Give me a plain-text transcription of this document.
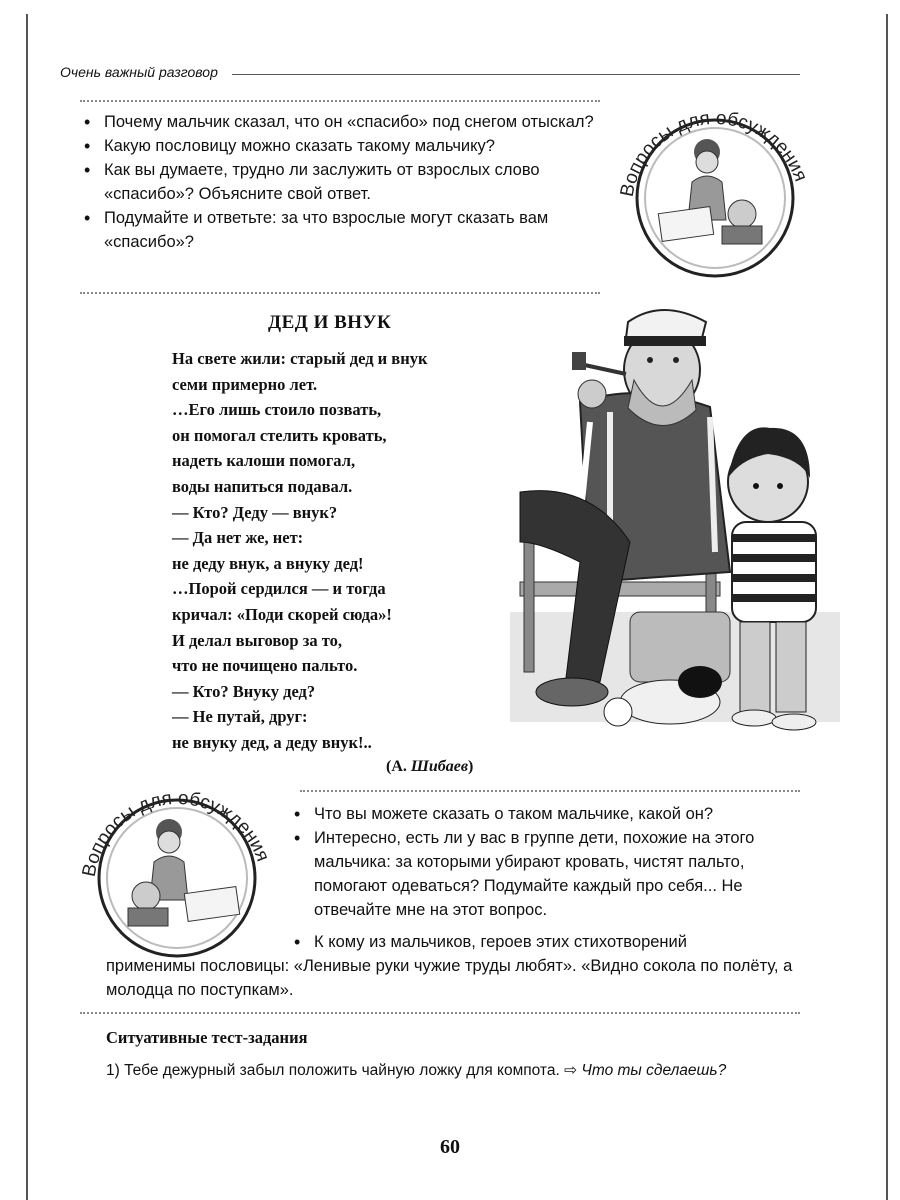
Очень важный разговор
• Почему мальчик сказал, что он «спасибо» под снегом отыскал?
• Какую пословицу можно сказать такому мальчику?
• Как вы думаете, трудно ли заслужить от взрослых слово «спасибо»? Объясните свой ответ.
• Подумайте и ответьте: за что взрослые могут сказать вам «спасибо»?
Вопросы для обсуждения
ДЕД И ВНУК
На свете жили: старый дед и внук
семи примерно лет.
…Его лишь стоило позвать,
он помогал стелить кровать,
надеть калоши помогал,
воды напиться подавал.
— Кто? Деду — внук?
— Да нет же, нет:
не деду внук, а внуку дед!
…Порой сердился — и тогда
кричал: «Поди скорей сюда»!
И делал выговор за то,
что не почищено пальто.
— Кто? Внуку дед?
— Не путай, друг:
не внуку дед, а деду внук!..
(А. Шибаев)
Вопросы для обсуждения
• Что вы можете сказать о таком мальчике, какой он?
• Интересно, есть ли у вас в группе дети, похожие на этого мальчика: за которыми убирают кровать, чистят пальто, помогают одеваться? Подумайте каждый про себя... Не отвечайте мне на этот вопрос.
• К кому из мальчиков, героев этих стихотворений
применимы пословицы: «Ленивые руки чужие труды любят». «Видно сокола по полёту, а молодца по поступкам».
Ситуативные тест-задания
1) Тебе дежурный забыл положить чайную ложку для компота. ⇨ Что ты сделаешь?
60
